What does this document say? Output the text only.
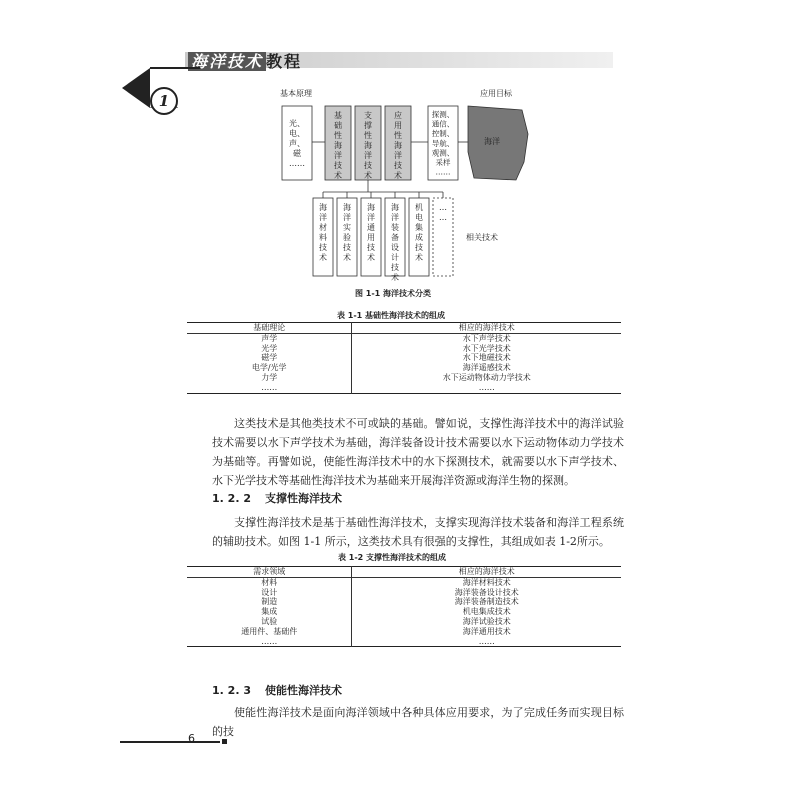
海洋技术 教程
1	基本原理	应用目标
光、
电、
声、
磁
……
基
础
性
海
洋
技
术
支
撑
性
海
洋
技
术
应
用
性
海
洋
技
术
探测、
通信、
控制、
导航、
观测、
采样
……
海洋
海
洋
材
料
技
术
海
洋
实
验
技
术
海
洋
通
用
技
术
海
洋
装
备
设
计
技
术
机
电
集
成
技
术
…
…
相关技术
图 1-1 海洋技术分类
表 1-1 基础性海洋技术的组成
基础理论	相应的海洋技术
声学	水下声学技术
光学	水下光学技术
磁学	水下地磁技术
电学/光学	海洋遥感技术
力学	水下运动物体动力学技术
……	……

这类技术是其他类技术不可或缺的基础。譬如说，支撑性海洋技术中的海洋试验技术需要以水下声学技术为基础，海洋装备设计技术需要以水下运动物体动力学技术为基础等。再譬如说，使能性海洋技术中的水下探测技术，就需要以水下声学技术、水下光学技术等基础性海洋技术为基础来开展海洋资源或海洋生物的探测。

1. 2. 2 支撑性海洋技术

支撑性海洋技术是基于基础性海洋技术，支撑实现海洋技术装备和海洋工程系统的辅助技术。如图 1-1 所示，这类技术具有很强的支撑性，其组成如表 1-2所示。

表 1-2 支撑性海洋技术的组成
需求领域	相应的海洋技术
材料	海洋材料技术
设计	海洋装备设计技术
制造	海洋装备制造技术
集成	机电集成技术
试验	海洋试验技术
通用件、基础件	海洋通用技术
……	……
1. 2. 3 使能性海洋技术

使能性海洋技术是面向海洋领域中各种具体应用要求，为了完成任务而实现目标的技

6
